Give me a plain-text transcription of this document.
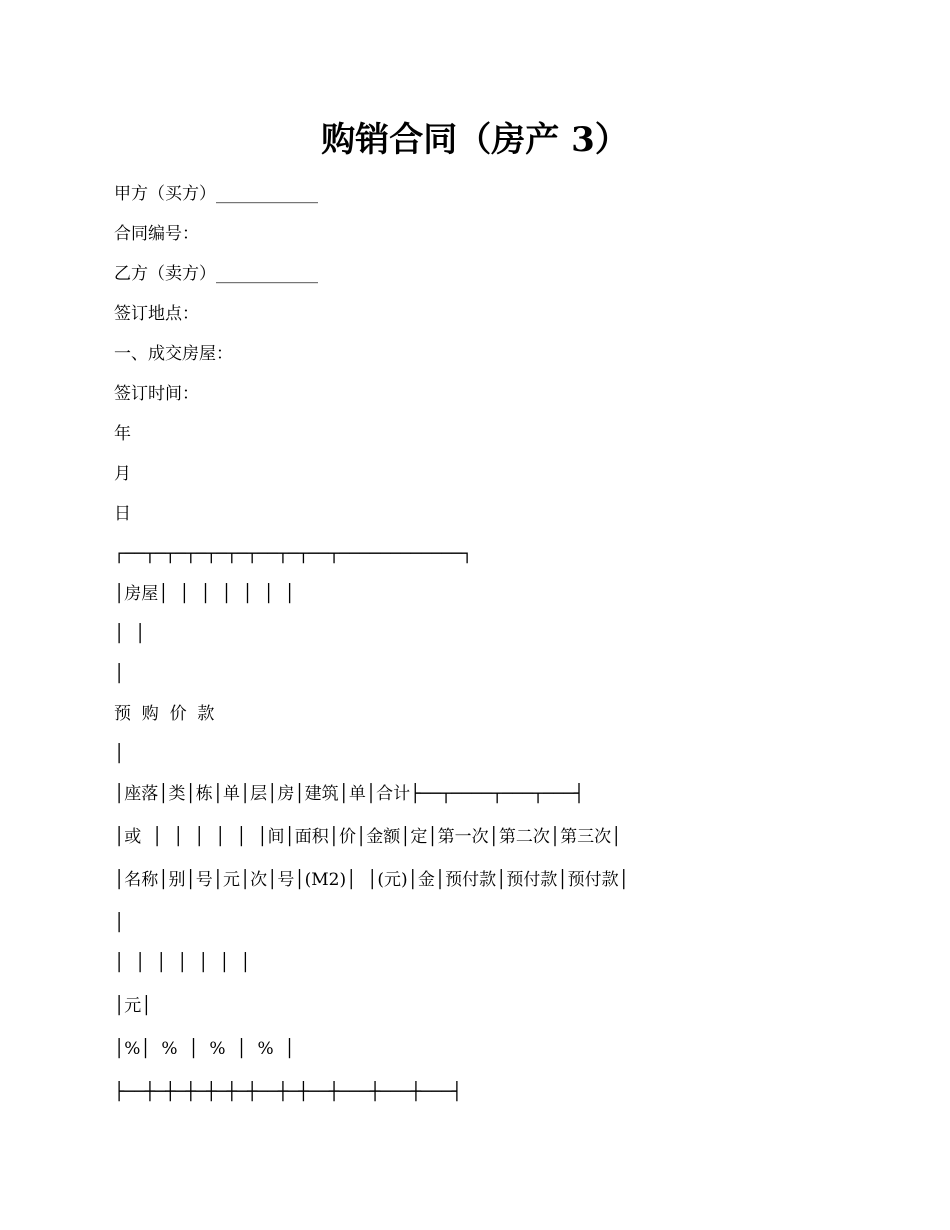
购销合同（房产 3）
甲方（买方）____________
合同编号：
乙方（卖方）____________
签订地点：
一、成交房屋：
签订时间：
年
月
日
┌──┬─┬─┬─┬─┬─┬──┬─┬──┬────────────┐
│房屋│  │  │  │  │  │  │
│  │
│
预  购  价  款
│
│座落│类│栋│单│层│房│建筑│单│合计├──┬────┬───┬───┤
│或  │  │  │  │  │  │间│面积│价│金额│定│第一次│第二次│第三次│
│名称│别│号│元│次│号│(M2)│  │(元)│金│预付款│预付款│预付款│
│
│  │  │  │  │  │  │
│元│
│%│  %  │  %  │  %  │
├──┼─┼─┼─┼─┼─┼──┼─┼──┼───┼───┼───┤
